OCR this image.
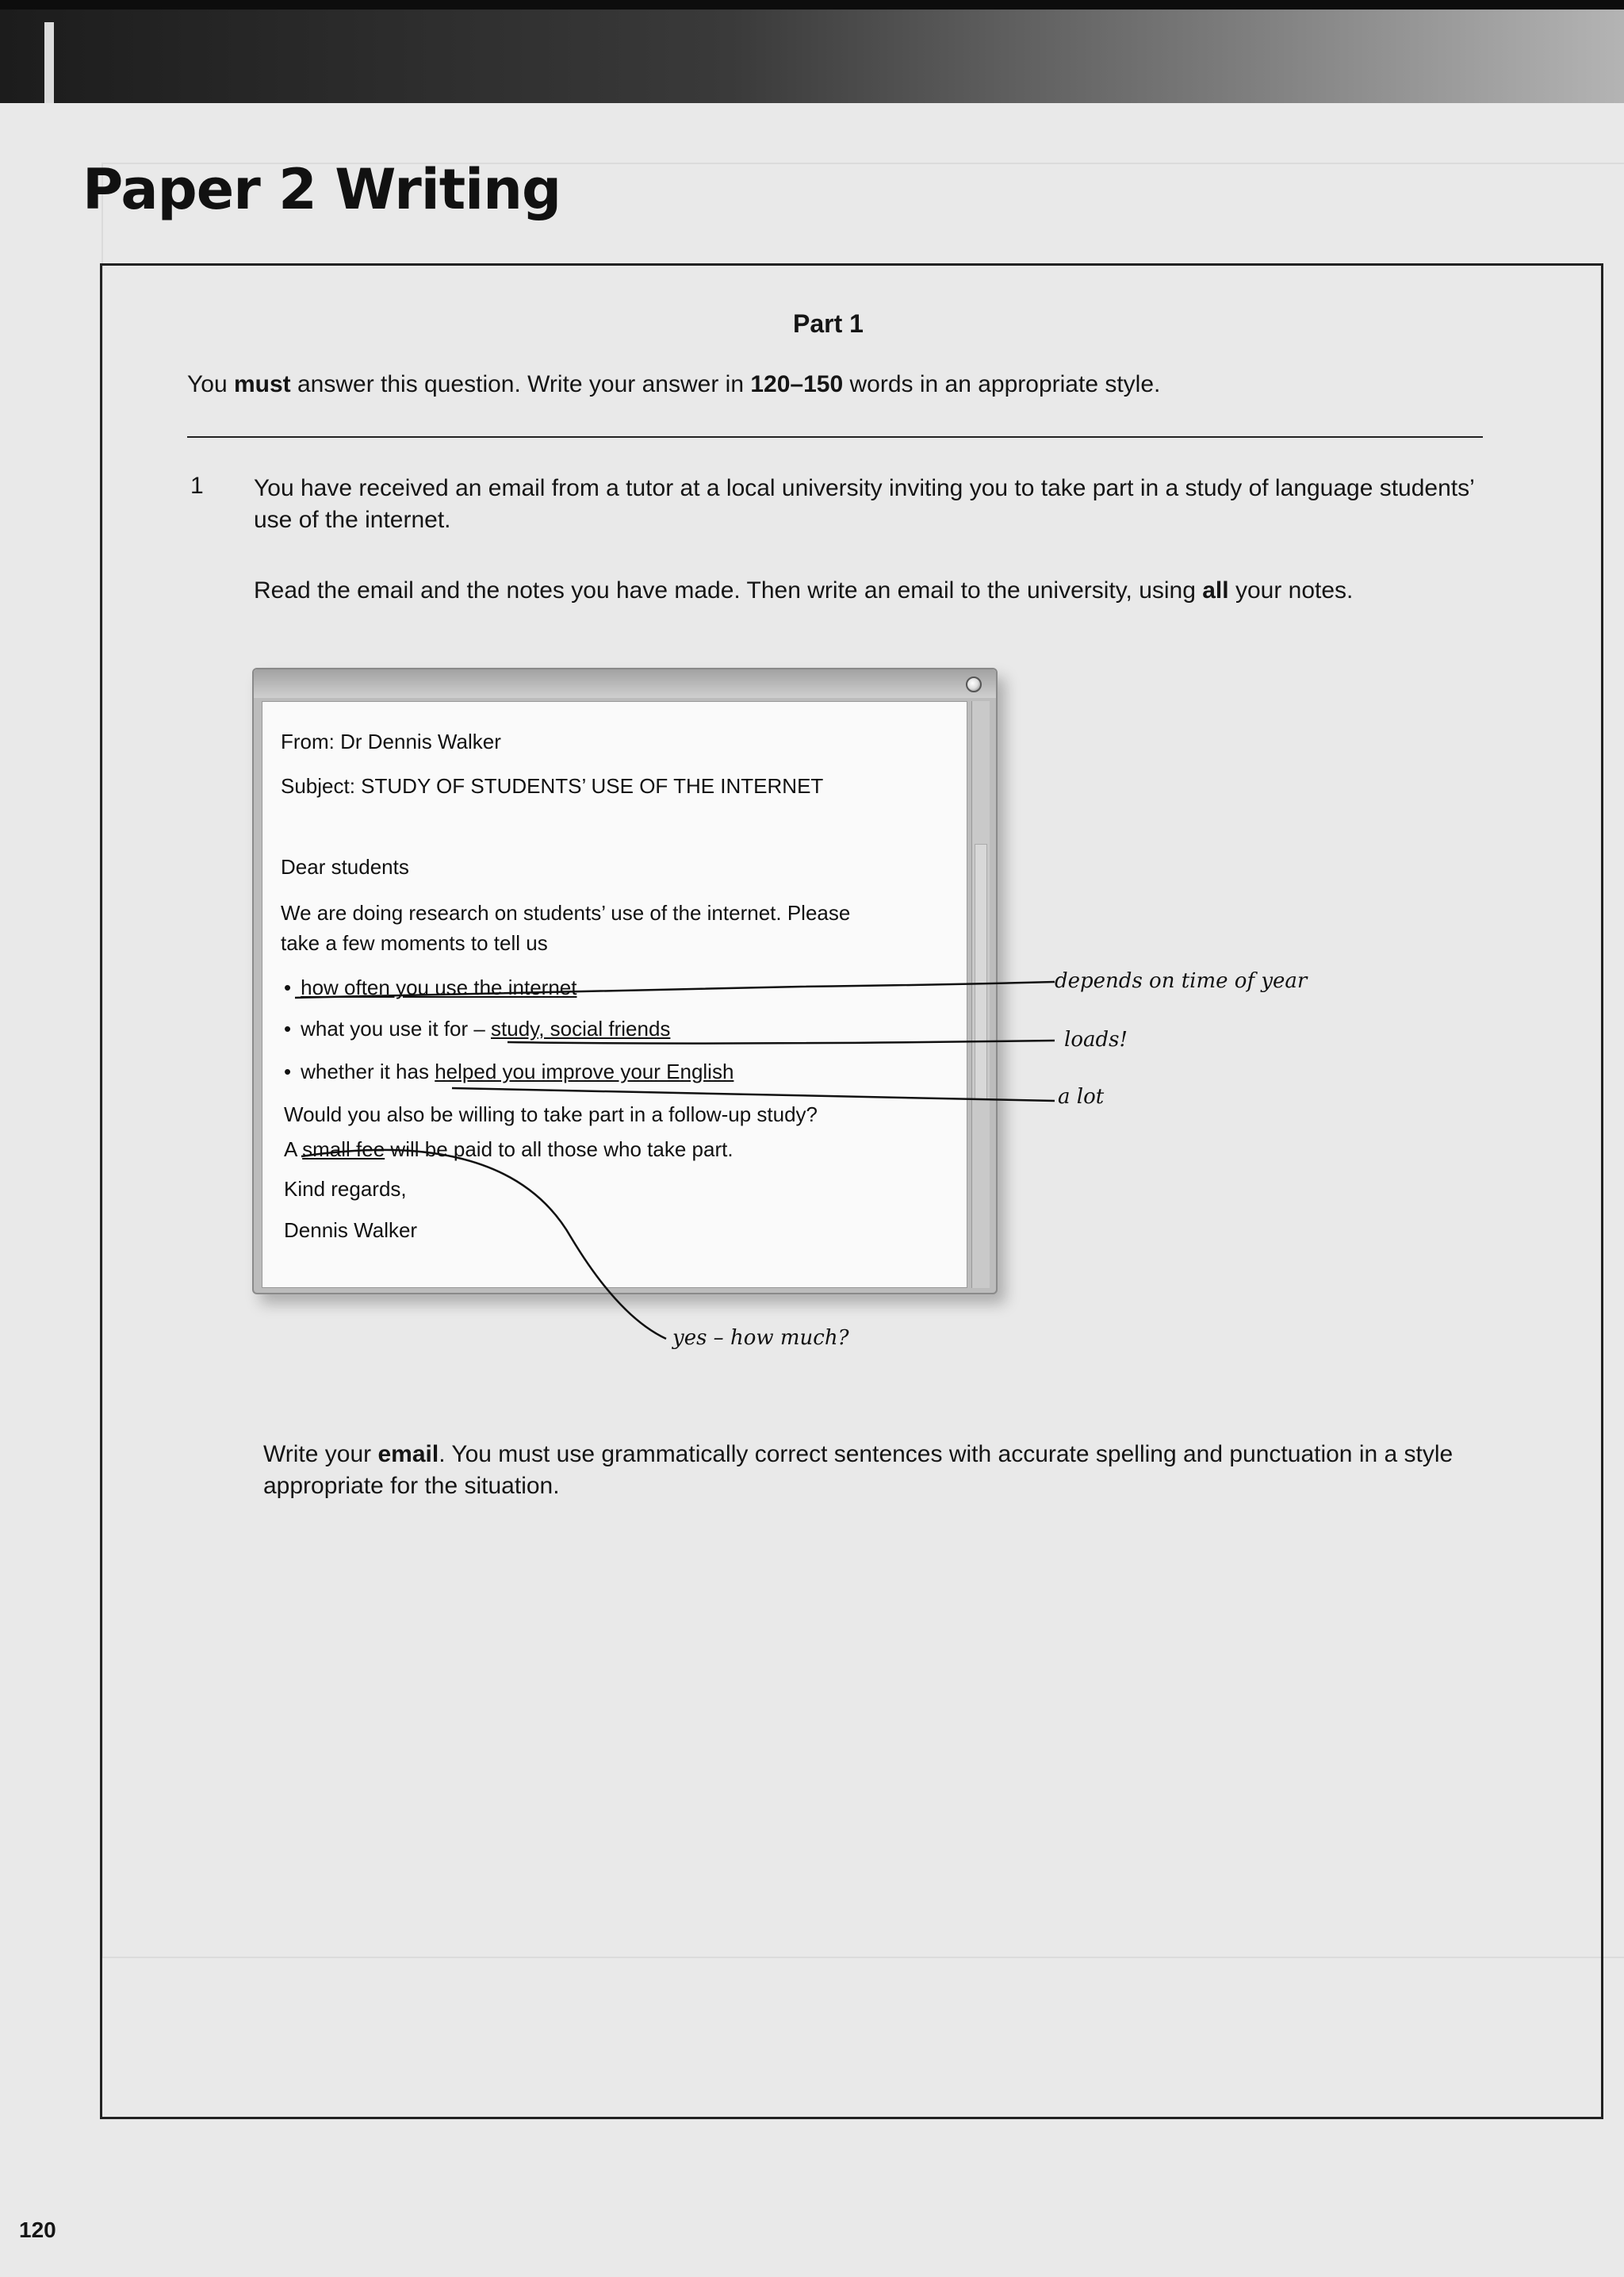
Paper 2 Writing
Part 1
You must answer this question. Write your answer in 120–150 words in an appropriate style.
1 You have received an email from a tutor at a local university inviting you to take part in a study of language students’ use of the internet.
Read the email and the notes you have made. Then write an email to the university, using all your notes.
From: Dr Dennis Walker
Subject: STUDY OF STUDENTS’ USE OF THE INTERNET
Dear students
We are doing research on students’ use of the internet. Please
take a few moments to tell us
• how often you use the internet
• what you use it for – study, social friends
• whether it has helped you improve your English
Would you also be willing to take part in a follow-up study?
A small fee will be paid to all those who take part.
Kind regards,
Dennis Walker
depends on time of year
loads!
a lot
yes – how much?
Write your email. You must use grammatically correct sentences with accurate spelling and punctuation in a style appropriate for the situation.
120
